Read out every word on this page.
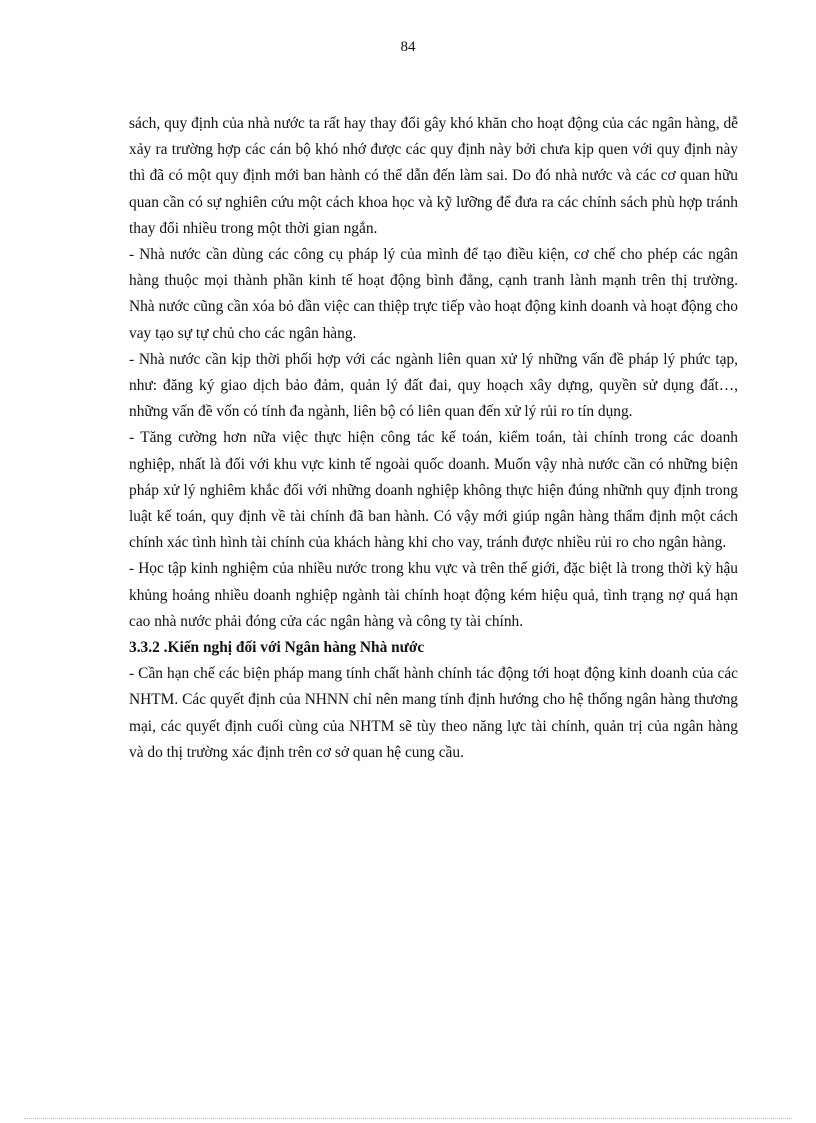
84

sách, quy định của nhà nước ta rất hay thay đổi gây khó khăn cho hoạt động của các ngân hàng, dễ xảy ra trường hợp các cán bộ khó nhớ được các quy định này bởi chưa kịp quen với quy định này thì đã có một quy định mới ban hành có thể dẫn đến làm sai. Do đó nhà nước và các cơ quan hữu quan cần có sự nghiên cứu một cách khoa học và kỹ lưỡng để đưa ra các chính sách phù hợp tránh thay đổi nhiều trong một thời gian ngắn.

- Nhà nước cần dùng các công cụ pháp lý của mình để tạo điều kiện, cơ chế cho phép các ngân hàng thuộc mọi thành phần kinh tế hoạt động bình đẳng, cạnh tranh lành mạnh trên thị trường. Nhà nước cũng cần xóa bỏ dần việc can thiệp trực tiếp vào hoạt động kinh doanh và hoạt động cho vay tạo sự tự chủ cho các ngân hàng.

- Nhà nước cần kịp thời phối hợp với các ngành liên quan xử lý những vấn đề pháp lý phức tạp, như: đăng ký giao dịch bảo đảm, quản lý đất đai, quy hoạch xây dựng, quyền sử dụng đất…, những vấn đề vốn có tính đa ngành, liên bộ có liên quan đến xử lý rủi ro tín dụng.

- Tăng cường hơn nữa việc thực hiện công tác kế toán, kiểm toán, tài chính trong các doanh nghiệp, nhất là đối với khu vực kinh tế ngoài quốc doanh. Muốn vậy nhà nước cần có những biện pháp xử lý nghiêm khắc đối với những doanh nghiệp không thực hiện đúng nhữnh quy định trong luật kế toán, quy định về tài chính đã ban hành. Có vậy mới giúp ngân hàng thẩm định một cách chính xác tình hình tài chính của khách hàng khi cho vay, tránh được nhiều rủi ro cho ngân hàng.

- Học tập kinh nghiệm của nhiều nước trong khu vực và trên thế giới, đặc biệt là trong thời kỳ hậu khủng hoảng nhiều doanh nghiệp ngành tài chính hoạt động kém hiệu quả, tình trạng nợ quá hạn cao nhà nước phải đóng cửa các ngân hàng và công ty tài chính.

3.3.2 .Kiến nghị đối với Ngân hàng Nhà nước

- Cần hạn chế các biện pháp mang tính chất hành chính tác động tới hoạt động kinh doanh của các NHTM. Các quyết định của NHNN chỉ nên mang tính định hướng cho hệ thống ngân hàng thương mại, các quyết định cuối cùng của NHTM sẽ tùy theo năng lực tài chính, quản trị của ngân hàng và do thị trường xác định trên cơ sở quan hệ cung cầu.
